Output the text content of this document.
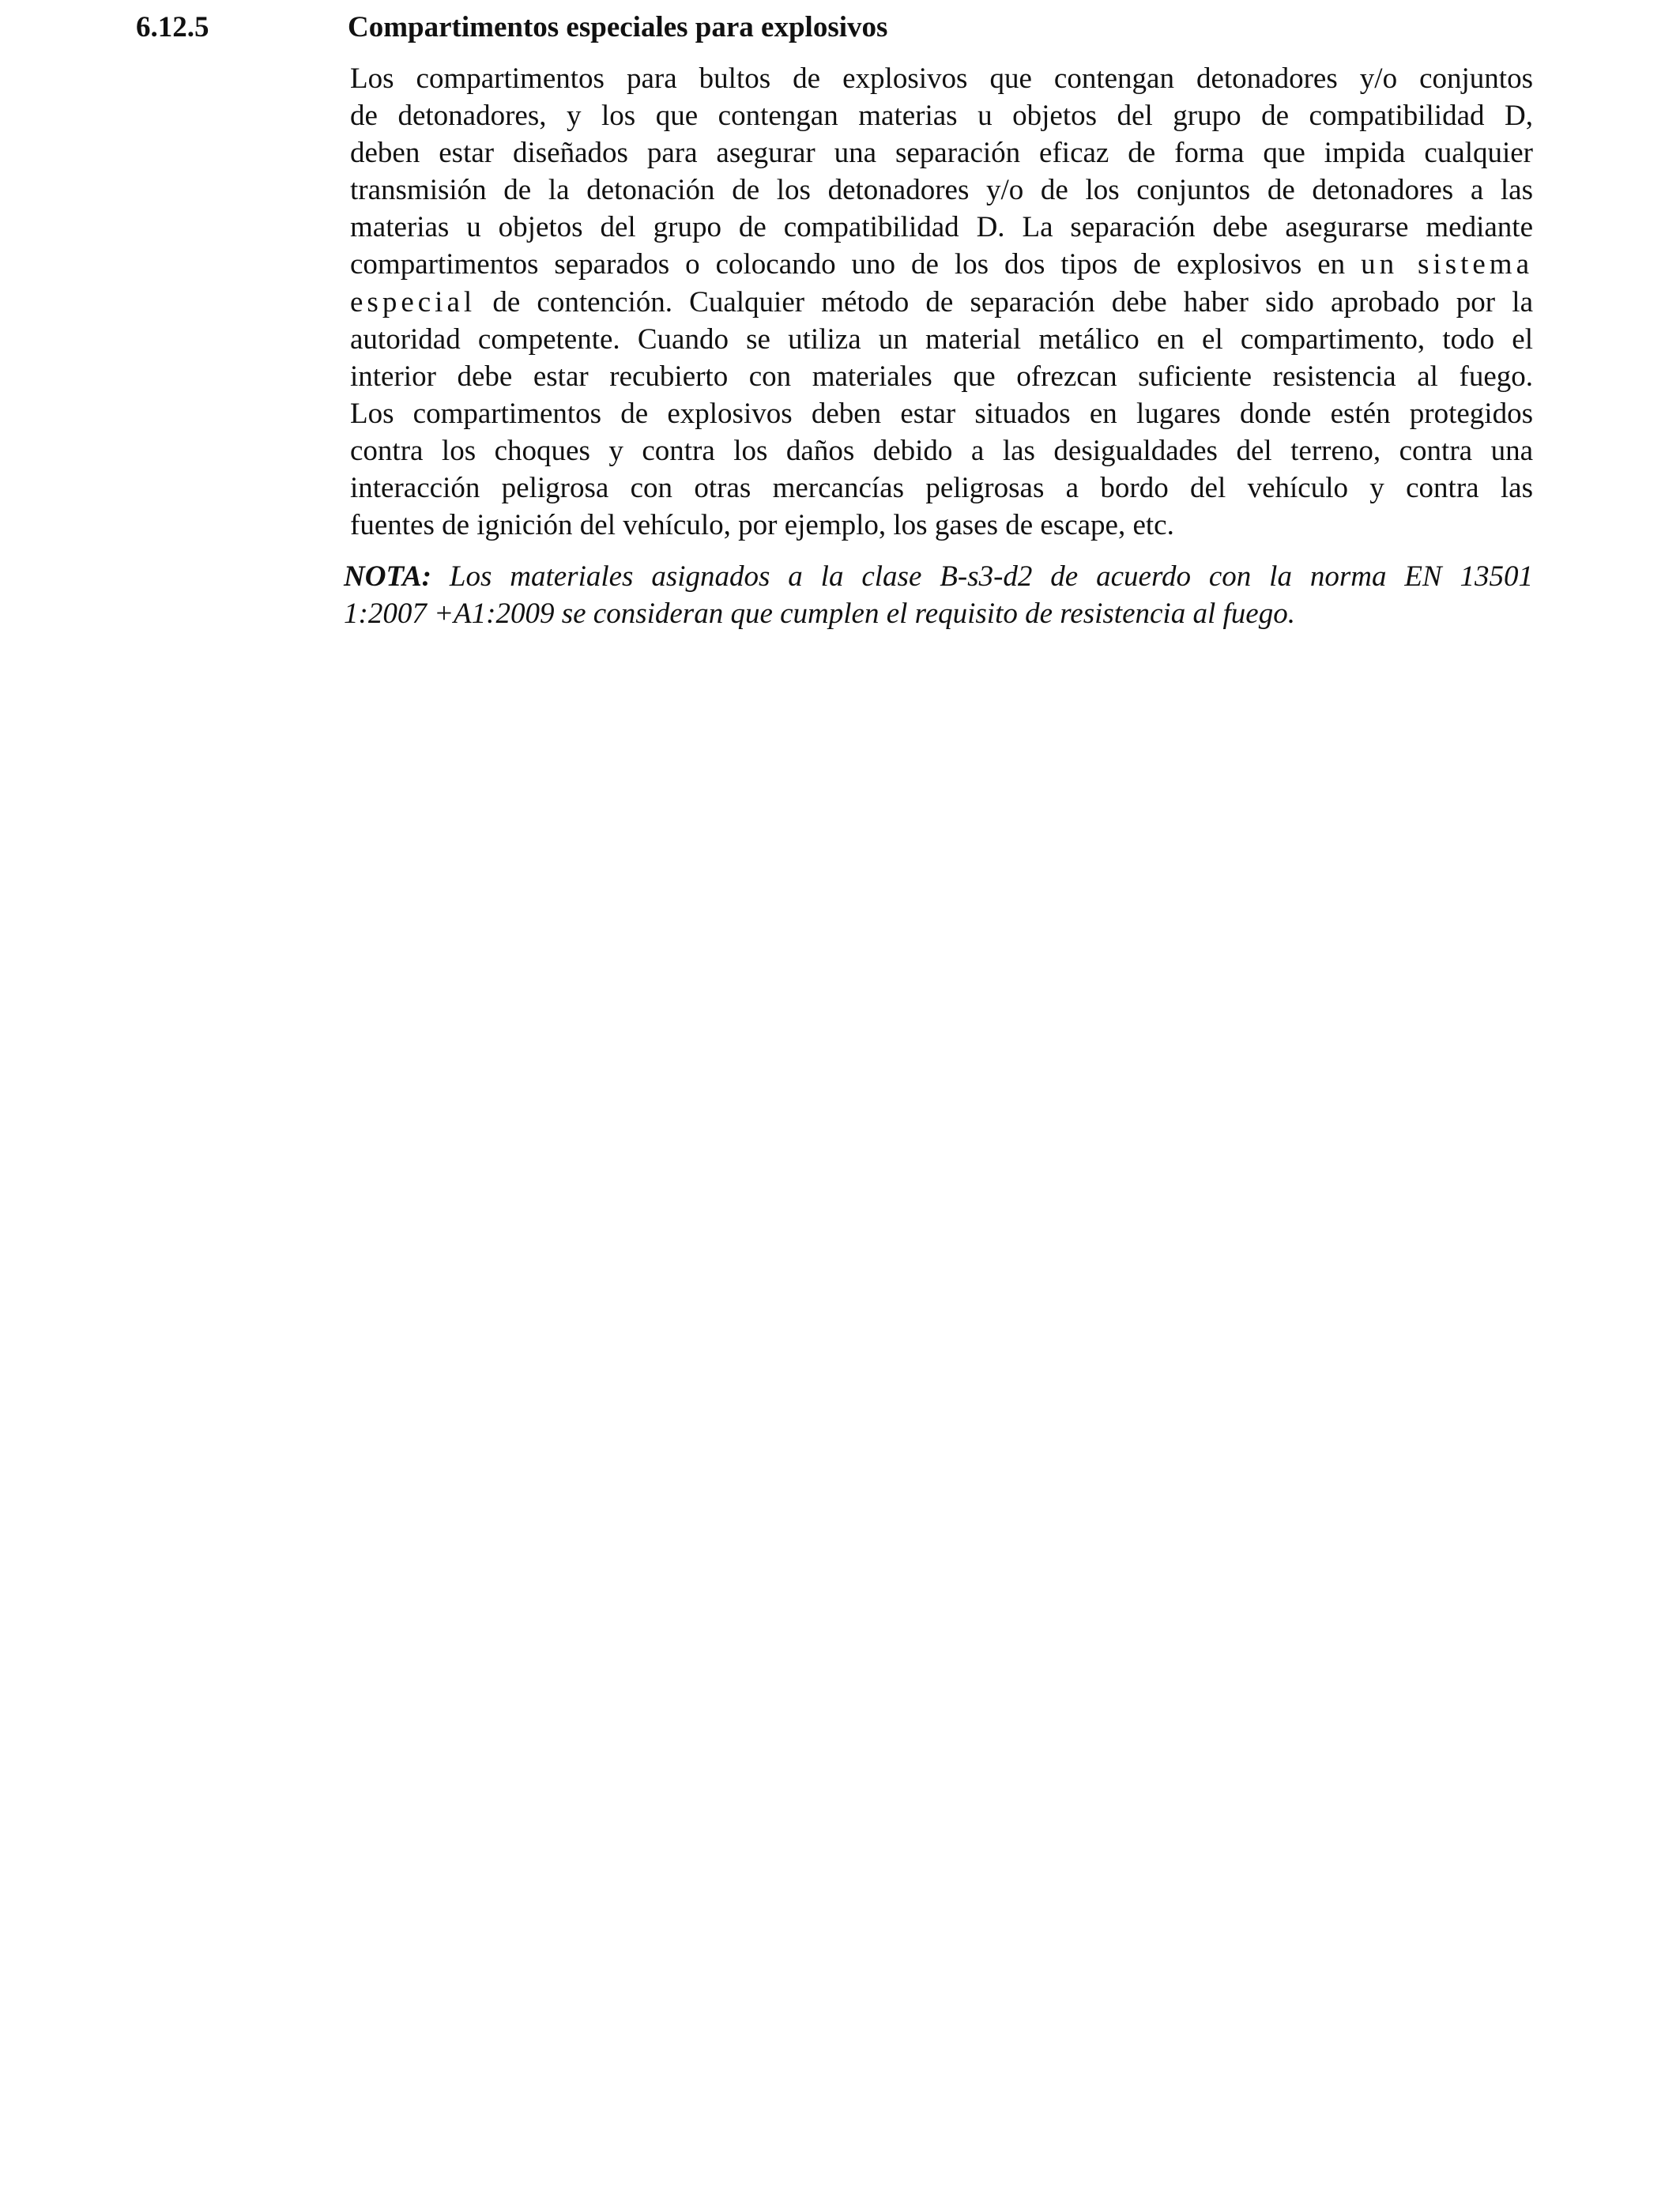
6.12.5	Compartimentos especiales para explosivos
Los compartimentos para bultos de explosivos que contengan detonadores y/o conjuntos
de detonadores, y los que contengan materias u objetos del grupo de compatibilidad D,
deben estar diseñados para asegurar una separación eficaz de forma que impida cualquier
transmisión de la detonación de los detonadores y/o de los conjuntos de detonadores a las
materias u objetos del grupo de compatibilidad D. La separación debe asegurarse mediante
compartimentos separados o colocando uno de los dos tipos de explosivos en un sistema
especial de contención. Cualquier método de separación debe haber sido aprobado por la
autoridad competente. Cuando se utiliza un material metálico en el compartimento, todo el
interior debe estar recubierto con materiales que ofrezcan suficiente resistencia al fuego.
Los compartimentos de explosivos deben estar situados en lugares donde estén protegidos
contra los choques y contra los daños debido a las desigualdades del terreno, contra una
interacción peligrosa con otras mercancías peligrosas a bordo del vehículo y contra las
fuentes de ignición del vehículo, por ejemplo, los gases de escape, etc.
NOTA: Los materiales asignados a la clase B-s3-d2 de acuerdo con la norma EN 13501
1:2007 +A1:2009 se consideran que cumplen el requisito de resistencia al fuego.
